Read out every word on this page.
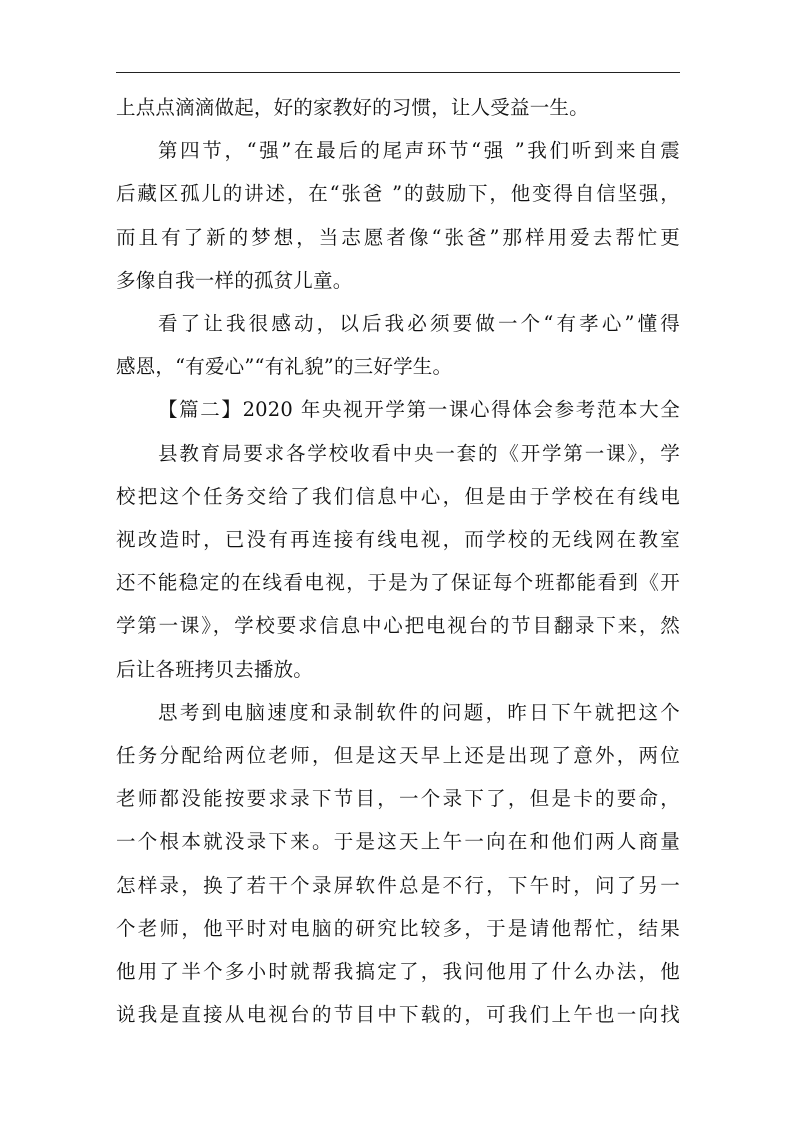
上点点滴滴做起，好的家教好的习惯，让人受益一生。
第四节，“强”在最后的尾声环节“强 ”我们听到来自震
后藏区孤儿的讲述，在“张爸 ”的鼓励下，他变得自信坚强，
而且有了新的梦想，当志愿者像“张爸”那样用爱去帮忙更
多像自我一样的孤贫儿童。
看了让我很感动，以后我必须要做一个“有孝心”懂得
感恩，“有爱心”“有礼貌”的三好学生。
【篇二】2020 年央视开学第一课心得体会参考范本大全
县教育局要求各学校收看中央一套的《开学第一课》，学
校把这个任务交给了我们信息中心，但是由于学校在有线电
视改造时，已没有再连接有线电视，而学校的无线网在教室
还不能稳定的在线看电视，于是为了保证每个班都能看到《开
学第一课》，学校要求信息中心把电视台的节目翻录下来，然
后让各班拷贝去播放。
思考到电脑速度和录制软件的问题，昨日下午就把这个
任务分配给两位老师，但是这天早上还是出现了意外，两位
老师都没能按要求录下节目，一个录下了，但是卡的要命，
一个根本就没录下来。于是这天上午一向在和他们两人商量
怎样录，换了若干个录屏软件总是不行，下午时，问了另一
个老师，他平时对电脑的研究比较多，于是请他帮忙，结果
他用了半个多小时就帮我搞定了，我问他用了什么办法，他
说我是直接从电视台的节目中下载的，可我们上午也一向找
